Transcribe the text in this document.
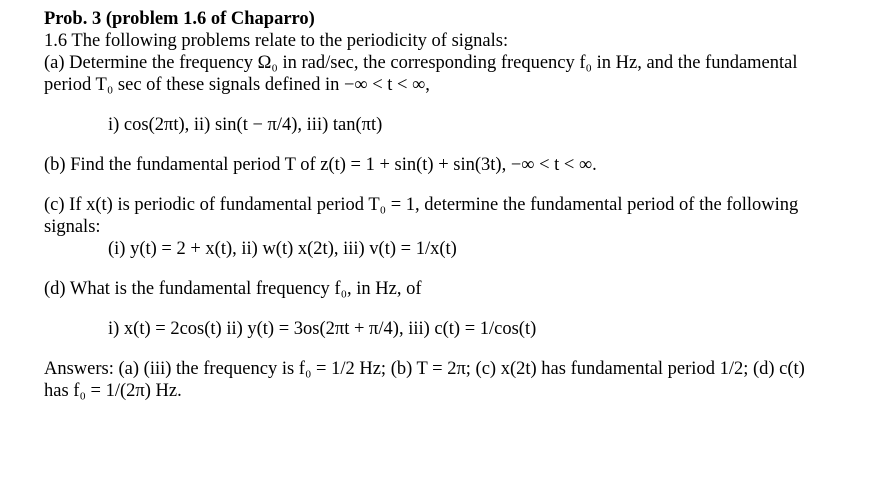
Prob. 3 (problem 1.6 of Chaparro)
1.6 The following problems relate to the periodicity of signals:
(a) Determine the frequency Ω₀ in rad/sec, the corresponding frequency f₀ in Hz, and the fundamental
period T₀ sec of these signals defined in −∞ < t < ∞,
i) cos(2πt), ii) sin(t − π/4), iii) tan(πt)
(b) Find the fundamental period T of z(t) = 1 + sin(t) + sin(3t), −∞ < t < ∞.
(c) If x(t) is periodic of fundamental period T₀ = 1, determine the fundamental period of the following
signals:
(i) y(t) = 2 + x(t), ii) w(t) x(2t), iii) v(t) = 1/x(t)
(d) What is the fundamental frequency f₀, in Hz, of
i) x(t) = 2cos(t) ii) y(t) = 3os(2πt + π/4), iii) c(t) = 1/cos(t)
Answers: (a) (iii) the frequency is f₀ = 1/2 Hz; (b) T = 2π; (c) x(2t) has fundamental period 1/2; (d) c(t)
has f₀ = 1/(2π) Hz.
